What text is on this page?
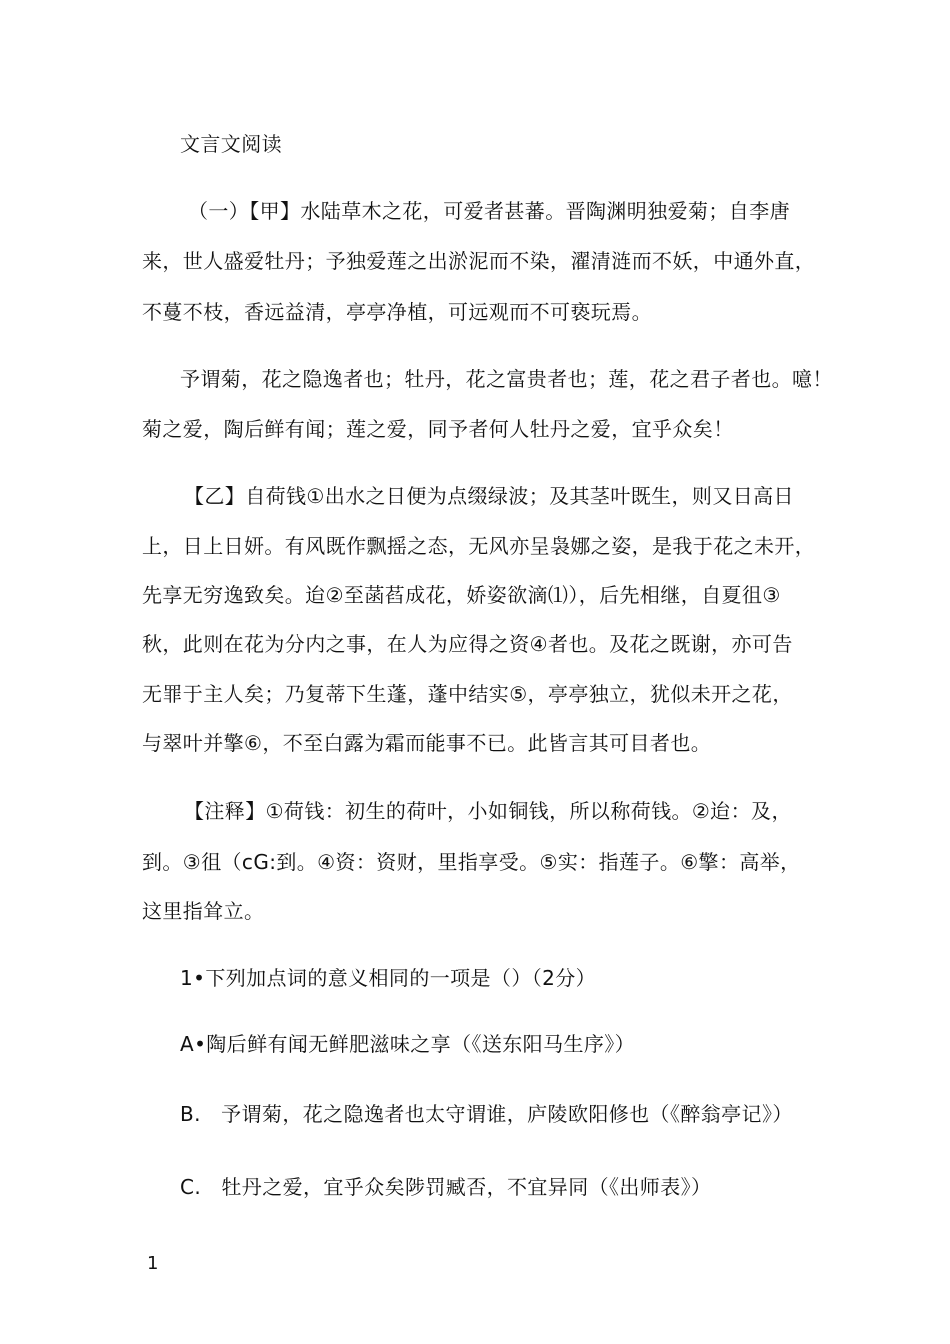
文言文阅读
（一）【甲】水陆草木之花，可爱者甚蕃。晋陶渊明独爱菊；自李唐
来，世人盛爱牡丹；予独爱莲之出淤泥而不染，濯清涟而不妖，中通外直，
不蔓不枝，香远益清，亭亭净植，可远观而不可亵玩焉。
予谓菊，花之隐逸者也；牡丹，花之富贵者也；莲，花之君子者也。噫！
菊之爱，陶后鲜有闻；莲之爱，同予者何人牡丹之爱，宜乎众矣！
【乙】自荷钱①出水之日便为点缀绿波；及其茎叶既生，则又日高日
上，日上日妍。有风既作飘摇之态，无风亦呈袅娜之姿，是我于花之未开，
先享无穷逸致矣。迨②至菡萏成花，娇姿欲滴⑴），后先相继，自夏徂③
秋，此则在花为分内之事，在人为应得之资④者也。及花之既谢，亦可告
无罪于主人矣；乃复蒂下生蓬，蓬中结实⑤，亭亭独立，犹似未开之花，
与翠叶并擎⑥，不至白露为霜而能事不已。此皆言其可目者也。
【注释】①荷钱：初生的荷叶，小如铜钱，所以称荷钱。②迨：及，
到。③徂（cG:到。④资：资财，里指享受。⑤实：指莲子。⑥擎：高举，
这里指耸立。
1•下列加点词的意义相同的一项是（）（2分）
A•陶后鲜有闻无鲜肥滋味之享（《送东阳马生序》）
B.   予谓菊，花之隐逸者也太守谓谁，庐陵欧阳修也（《醉翁亭记》）
C.   牡丹之爱，宜乎众矣陟罚臧否，不宜异同（《出师表》）
1
